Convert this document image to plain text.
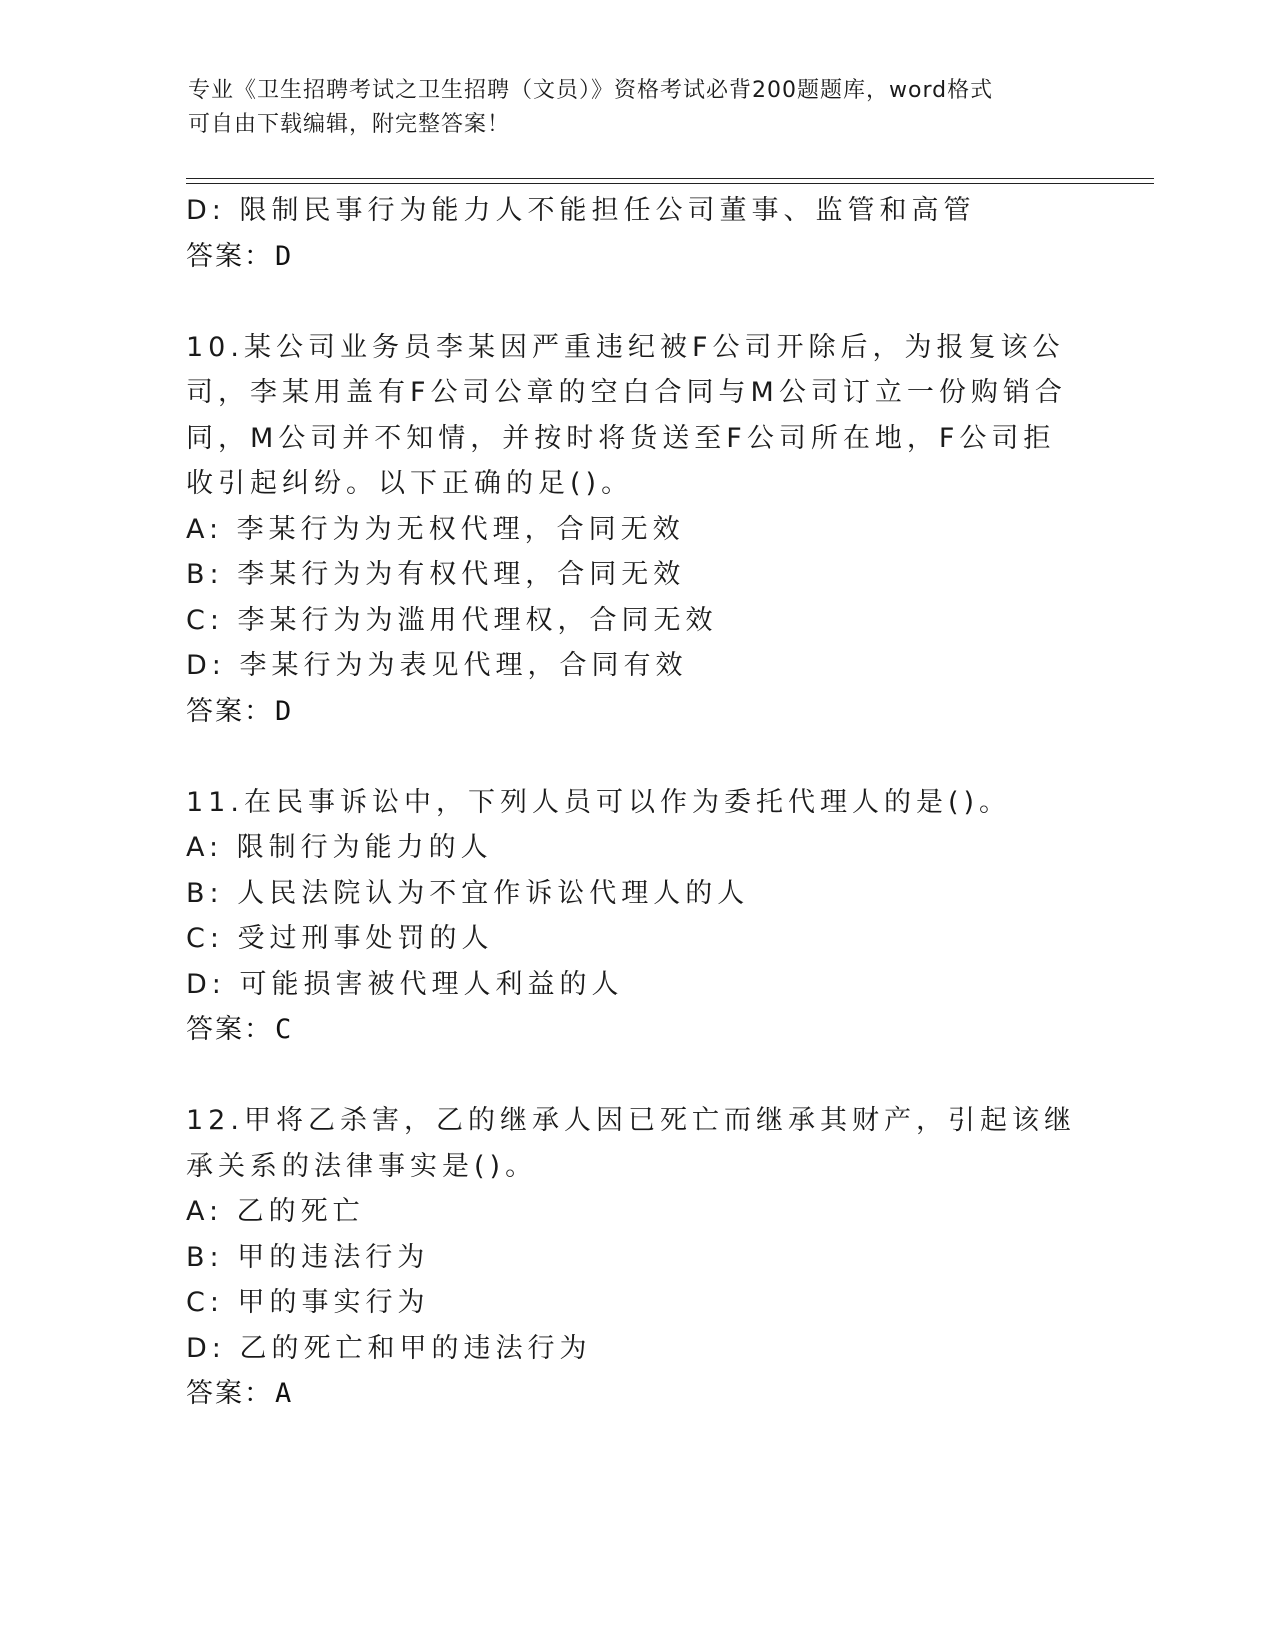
专业《卫生招聘考试之卫生招聘（文员）》资格考试必背200题题库，word格式
可自由下载编辑，附完整答案！
D: 限制民事行为能力人不能担任公司董事、监管和高管
答案：D
10.某公司业务员李某因严重违纪被F公司开除后，为报复该公司，李某用盖有F公司公章的空白合同与M公司订立一份购销合同，M公司并不知情，并按时将货送至F公司所在地，F公司拒收引起纠纷。以下正确的足()。
A: 李某行为为无权代理，合同无效
B: 李某行为为有权代理，合同无效
C: 李某行为为滥用代理权，合同无效
D: 李某行为为表见代理，合同有效
答案：D
11.在民事诉讼中，下列人员可以作为委托代理人的是()。
A: 限制行为能力的人
B: 人民法院认为不宜作诉讼代理人的人
C: 受过刑事处罚的人
D: 可能损害被代理人利益的人
答案：C
12.甲将乙杀害，乙的继承人因已死亡而继承其财产，引起该继承关系的法律事实是()。
A: 乙的死亡
B: 甲的违法行为
C: 甲的事实行为
D: 乙的死亡和甲的违法行为
答案：A
